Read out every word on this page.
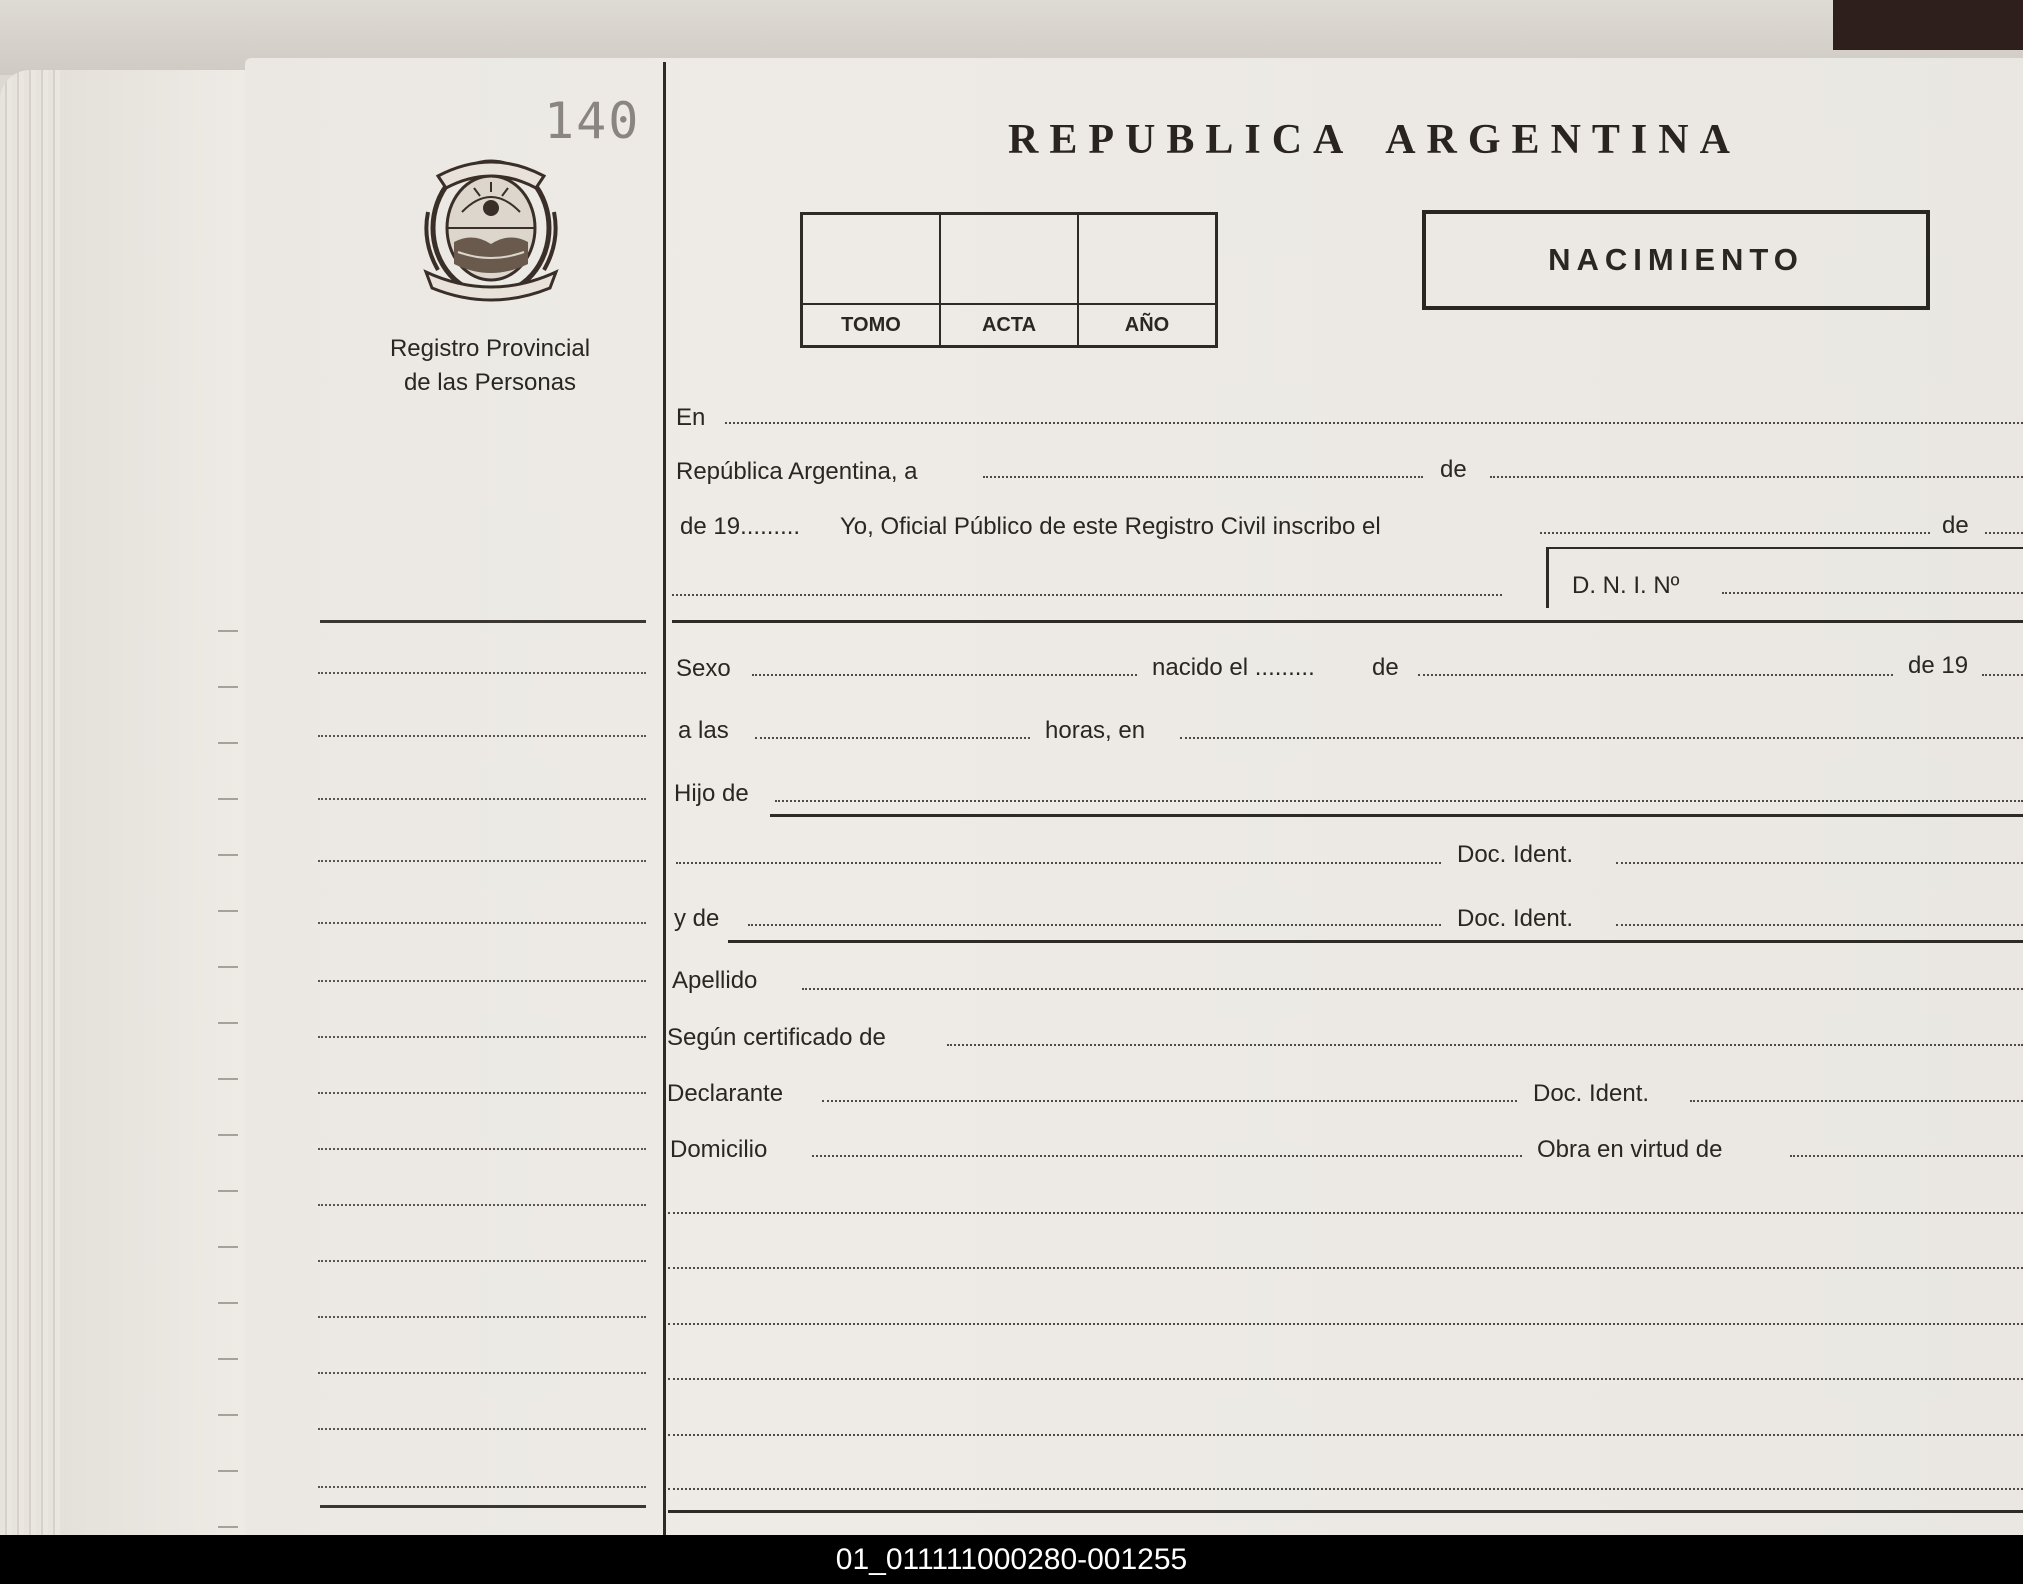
140
Registro Provincial
de las Personas
REPUBLICA ARGENTINA
TOMO	ACTA	AÑO
NACIMIENTO
En
República Argentina, a	de
de 19......... Yo, Oficial Público de este Registro Civil inscribo el	de
D. N. I. Nº
Sexo	nacido el ......... de	de 19
a las	horas, en
Hijo de
Doc. Ident.
y de	Doc. Ident.
Apellido
Según certificado de
Declarante	Doc. Ident.
Domicilio	Obra en virtud de
01_011111000280-001255
